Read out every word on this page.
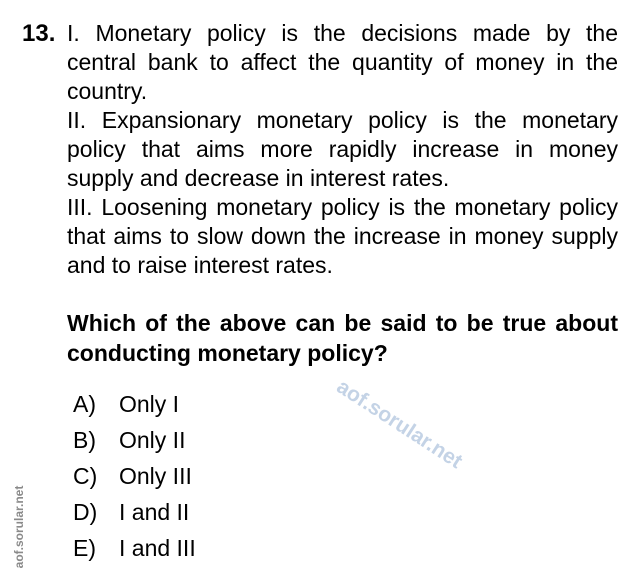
13. I. Monetary policy is the decisions made by the central bank to affect the quantity of money in the country.

II. Expansionary monetary policy is the monetary policy that aims more rapidly increase in money supply and decrease in interest rates.

III. Loosening monetary policy is the monetary policy that aims to slow down the increase in money supply and to raise interest rates.

Which of the above can be said to be true about conducting monetary policy?
A) Only I
B) Only II
C) Only III
D) I and II
E) I and III
aof.sorular.net
aof.sorular.net
